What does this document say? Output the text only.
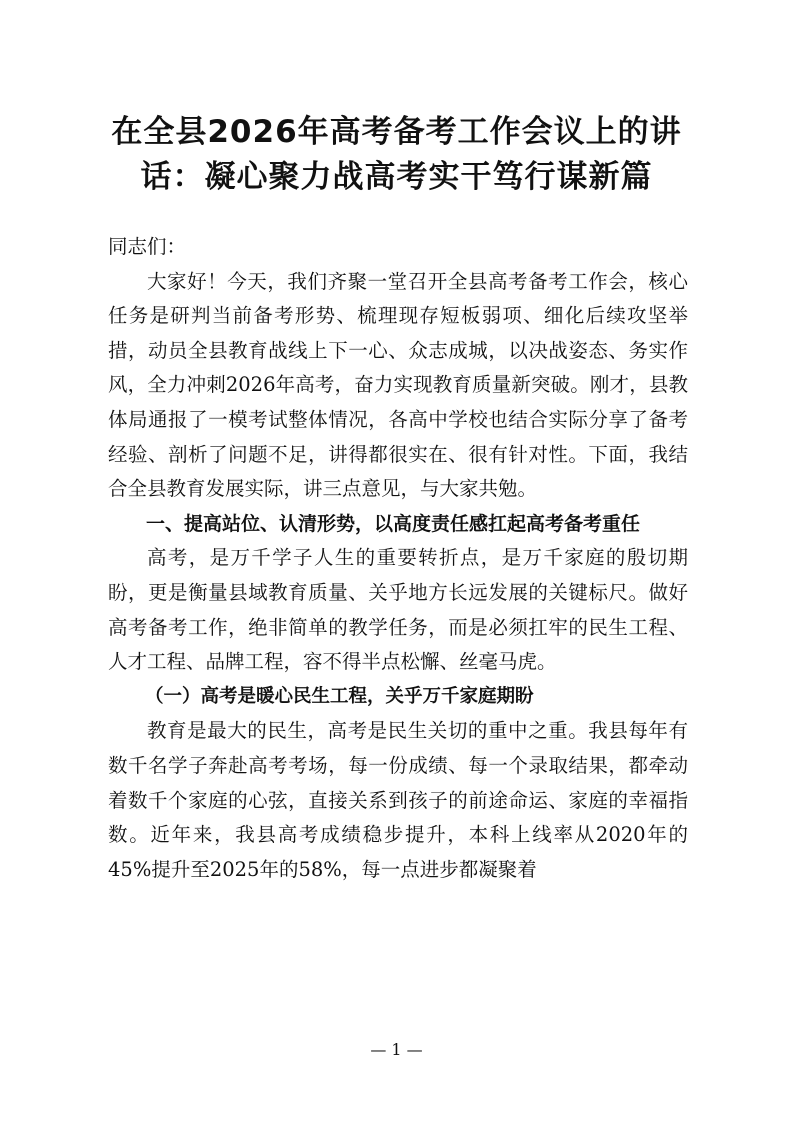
在全县2026年高考备考工作会议上的讲
话：凝心聚力战高考实干笃行谋新篇

同志们：

大家好！今天，我们齐聚一堂召开全县高考备考工作会，核心任务是研判当前备考形势、梳理现存短板弱项、细化后续攻坚举措，动员全县教育战线上下一心、众志成城，以决战姿态、务实作风，全力冲刺2026年高考，奋力实现教育质量新突破。刚才，县教体局通报了一模考试整体情况，各高中学校也结合实际分享了备考经验、剖析了问题不足，讲得都很实在、很有针对性。下面，我结合全县教育发展实际，讲三点意见，与大家共勉。

一、提高站位、认清形势，以高度责任感扛起高考备考重任

高考，是万千学子人生的重要转折点，是万千家庭的殷切期盼，更是衡量县域教育质量、关乎地方长远发展的关键标尺。做好高考备考工作，绝非简单的教学任务，而是必须扛牢的民生工程、人才工程、品牌工程，容不得半点松懈、丝毫马虎。

（一）高考是暖心民生工程，关乎万千家庭期盼

教育是最大的民生，高考是民生关切的重中之重。我县每年有数千名学子奔赴高考考场，每一份成绩、每一个录取结果，都牵动着数千个家庭的心弦，直接关系到孩子的前途命运、家庭的幸福指数。近年来，我县高考成绩稳步提升，本科上线率从2020年的45%提升至2025年的58%，每一点进步都凝聚着

— 1 —
